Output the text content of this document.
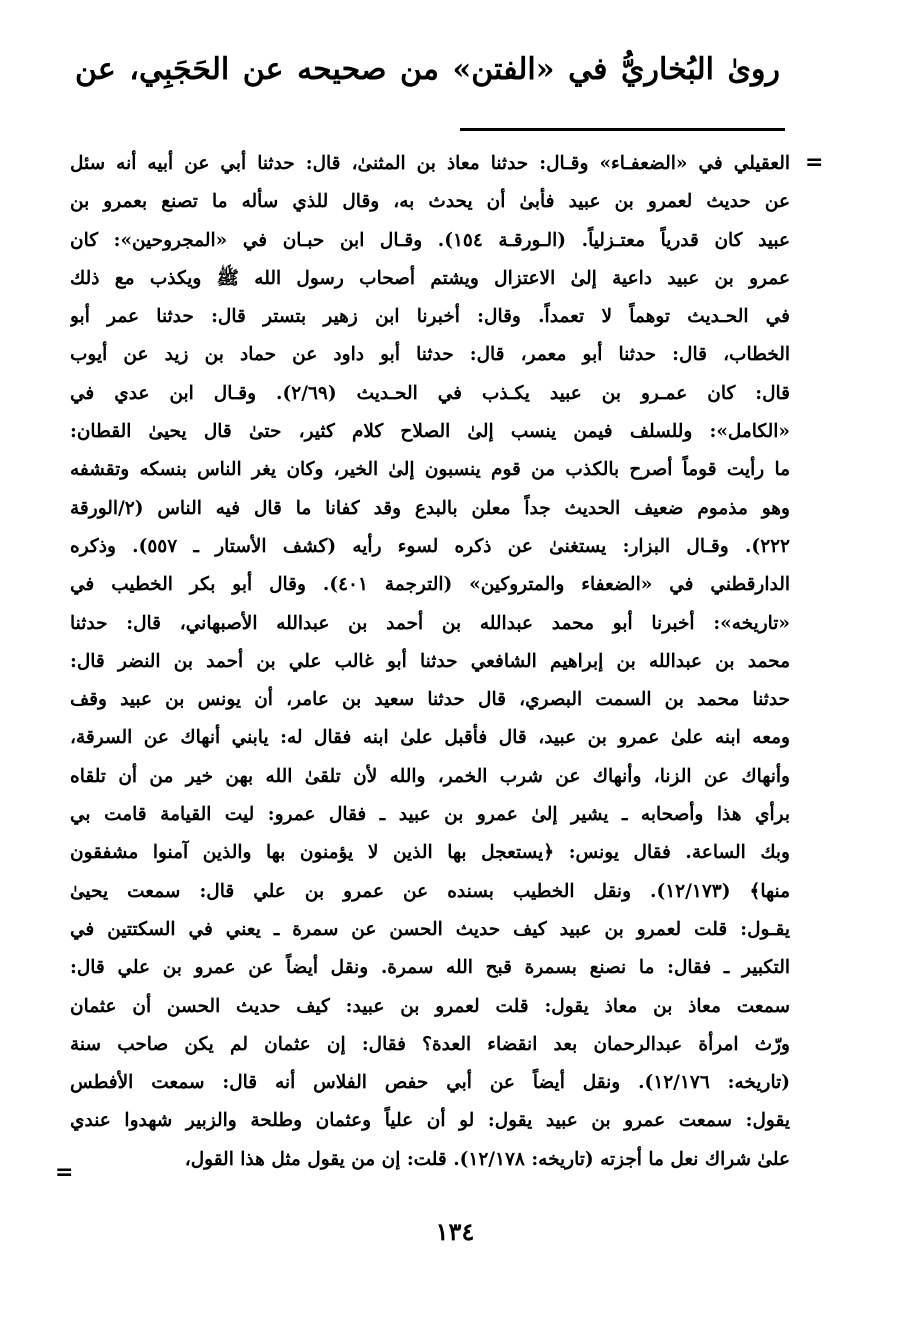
روىٰ البُخاريُّ في «الفتن» من صحيحه عن الحَجَبِي، عن
=
العقيلي في «الضعفـاء» وقـال: حدثنا معاذ بن المثنىٰ، قال: حدثنا أبي عن أبيه أنه سئل
عن حديث لعمرو بن عبيد فأبىٰ أن يحدث به، وقال للذي سأله ما تصنع بعمرو بن
عبيد كان قدرياً معتـزلياً. (الـورقـة ١٥٤). وقـال ابن حبـان في «المجروحين»: كان
عمرو بن عبيد داعية إلىٰ الاعتزال ويشتم أصحاب رسول الله ﷺ ويكذب مع ذلك
في الحـديث توهماً لا تعمداً. وقال: أخبرنا ابن زهير بتستر قال: حدثنا عمر أبو
الخطاب، قال: حدثنا أبو معمر، قال: حدثنا أبو داود عن حماد بن زيد عن أيوب
قال: كان عمـرو بن عبيد يكـذب في الحـديث (٢/٦٩). وقـال ابن عدي في
«الكامل»: وللسلف فيمن ينسب إلىٰ الصلاح كلام كثير، حتىٰ قال يحيىٰ القطان:
ما رأيت قوماً أصرح بالكذب من قوم ينسبون إلىٰ الخير، وكان يغر الناس بنسكه وتقشفه
وهو مذموم ضعيف الحديث جداً معلن بالبدع وقد كفانا ما قال فيه الناس (٢/الورقة
٢٢٢). وقـال البزار: يستغنىٰ عن ذكره لسوء رأيه (كشف الأستار ـ ٥٥٧). وذكره
الدارقطني في «الضعفاء والمتروكين» (الترجمة ٤٠١). وقال أبو بكر الخطيب في
«تاريخه»: أخبرنا أبو محمد عبدالله بن أحمد بن عبدالله الأصبهاني، قال: حدثنا
محمد بن عبدالله بن إبراهيم الشافعي حدثنا أبو غالب علي بن أحمد بن النضر قال:
حدثنا محمد بن السمت البصري، قال حدثنا سعيد بن عامر، أن يونس بن عبيد وقف
ومعه ابنه علىٰ عمرو بن عبيد، قال فأقبل علىٰ ابنه فقال له: يابني أنهاك عن السرقة،
وأنهاك عن الزنا، وأنهاك عن شرب الخمر، والله لأن تلقىٰ الله بهن خير من أن تلقاه
برأي هذا وأصحابه ـ يشير إلىٰ عمرو بن عبيد ـ فقال عمرو: ليت القيامة قامت بي
وبك الساعة. فقال يونس: ﴿يستعجل بها الذين لا يؤمنون بها والذين آمنوا مشفقون
منها﴾ (١٢/١٧٣). ونقل الخطيب بسنده عن عمرو بن علي قال: سمعت يحيىٰ
يقـول: قلت لعمرو بن عبيد كيف حديث الحسن عن سمرة ـ يعني في السكتتين في
التكبير ـ فقال: ما نصنع بسمرة قبح الله سمرة. ونقل أيضاً عن عمرو بن علي قال:
سمعت معاذ بن معاذ يقول: قلت لعمرو بن عبيد: كيف حديث الحسن أن عثمان
ورّث امرأة عبدالرحمان بعد انقضاء العدة؟ فقال: إن عثمان لم يكن صاحب سنة
(تاريخه: ١٢/١٧٦). ونقل أيضاً عن أبي حفص الفلاس أنه قال: سمعت الأفطس
يقول: سمعت عمرو بن عبيد يقول: لو أن علياً وعثمان وطلحة والزبير شهدوا عندي
علىٰ شراك نعل ما أجزته (تاريخه: ١٢/١٧٨). قلت: إن من يقول مثل هذا القول،
=
١٣٤
